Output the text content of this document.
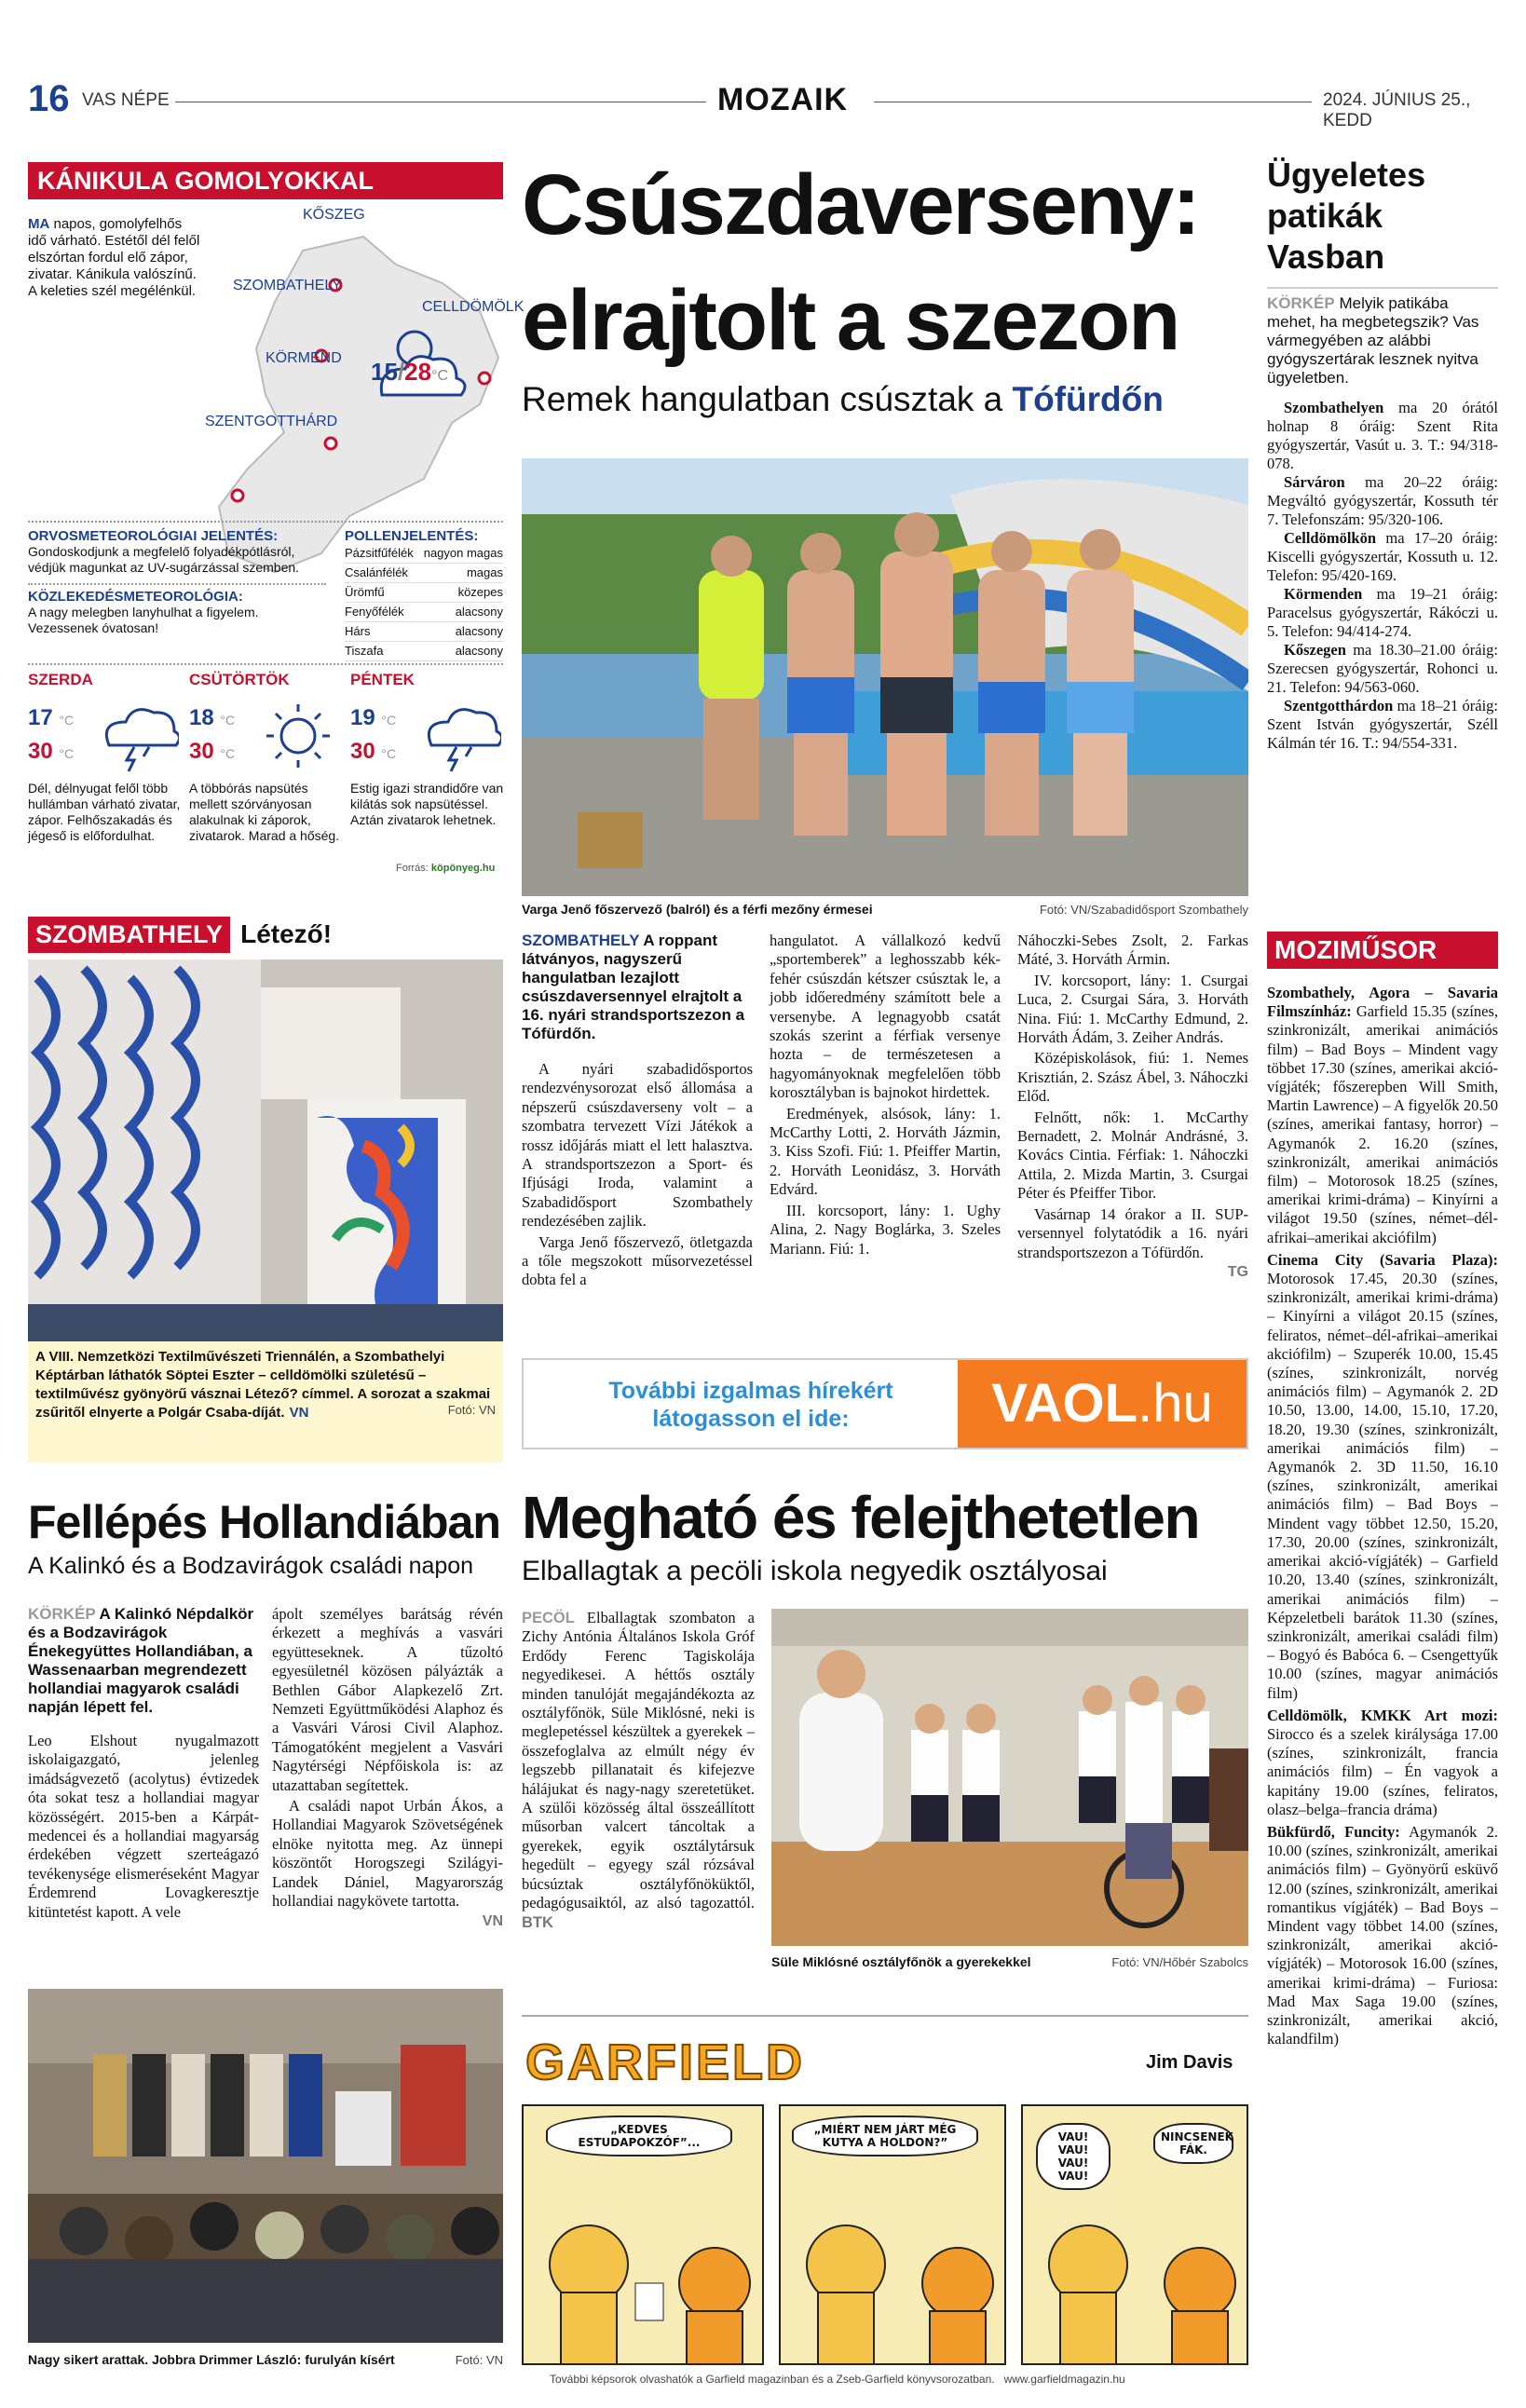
16 VAS NÉPE	MOZAIK	2024. JÚNIUS 25., KEDD
KÁNIKULA GOMOLYOKKAL
MA napos, gomolyfelhős idő várható. Estétől dél felől elszórtan fordul elő zápor, zivatar. Kánikula valószínű. A keleties szél megélénkül.
KŐSZEG
SZOMBATHELY
CELLDÖMÖLK
KÖRMEND
SZENTGOTTHÁRD
15/28°C
ORVOSMETEOROLÓGIAI JELENTÉS:
Gondoskodjunk a megfelelő folyadékpótlásról, védjük magunkat az UV-sugárzással szemben.
KÖZLEKEDÉSMETEOROLÓGIA:
A nagy melegben lanyhulhat a figyelem. Vezessenek óvatosan!
POLLENJELENTÉS:
Pázsitfűfélék nagyon magas
Csalánfélék	magas
Ürömfű	közepes
Fenyőfélék	alacsony
Hárs	alacsony
Tiszafa	alacsony
SZERDA
17 °C
30 °C
Dél, délnyugat felől több hullámban várható zivatar, zápor. Felhőszakadás és jégeső is előfordulhat.
CSÜTÖRTÖK
18 °C
30 °C
A többórás napsütés mellett szórványosan alakulnak ki záporok, zivatarok. Marad a hőség.
PÉNTEK
19 °C
30 °C
Estig igazi strandidőre van kilátás sok napsütéssel. Aztán zivatarok lehetnek.
Forrás: köpönyeg.hu
SZOMBATHELY Létező!
A VIII. Nemzetközi Textilművészeti Triennálén, a Szombathelyi Képtárban láthatók Söptei Eszter – celldömölki születésű – textilművész gyönyörű vásznai Létező? címmel. A sorozat a szakmai zsűritől elnyerte a Polgár Csaba-díját. VN	Fotó: VN
Csúszdaverseny:
elrajtolt a szezon
Remek hangulatban csúsztak a Tófürdőn
Varga Jenő főszervező (balról) és a férfi mezőny érmesei	Fotó: VN/Szabadidősport Szombathely
SZOMBATHELY A roppant látványos, nagyszerű hangulatban lezajlott csúszdaversennyel elrajtolt a 16. nyári strandsportszezon a Tófürdőn.

A nyári szabadidősportos rendezvénysorozat első állomása a népszerű csúszdaverseny volt – a szombatra tervezett Vízi Játékok a rossz időjárás miatt el lett halasztva. A strandsportszezon a Sport- és Ifjúsági Iroda, valamint a Szabadidősport Szombathely rendezésében zajlik.

Varga Jenő főszervező, ötletgazda a tőle megszokott műsorvezetéssel dobta fel a

hangulatot. A vállalkozó kedvű „sportemberek” a leghosszabb kék-fehér csúszdán kétszer csúsztak le, a jobb időeredmény számított bele a versenybe. A legnagyobb csatát szokás szerint a férfiak versenye hozta – de természetesen a hagyományoknak megfelelően több korosztályban is bajnokot hirdettek.

Eredmények, alsósok, lány: 1. McCarthy Lotti, 2. Horváth Jázmin, 3. Kiss Szofi. Fiú: 1. Pfeiffer Martin, 2. Horváth Leonidász, 3. Horváth Edvárd.

III. korcsoport, lány: 1. Ughy Alina, 2. Nagy Boglárka, 3. Szeles Mariann. Fiú: 1.

Náhoczki-Sebes Zsolt, 2. Farkas Máté, 3. Horváth Ármin.

IV. korcsoport, lány: 1. Csurgai Luca, 2. Csurgai Sára, 3. Horváth Nina. Fiú: 1. McCarthy Edmund, 2. Horváth Ádám, 3. Zeiher András.

Középiskolások, fiú: 1. Nemes Krisztián, 2. Szász Ábel, 3. Náhoczki Előd.

Felnőtt, nők: 1. McCarthy Bernadett, 2. Molnár Andrásné, 3. Kovács Cintia. Férfiak: 1. Náhoczki Attila, 2. Mizda Martin, 3. Csurgai Péter és Pfeiffer Tibor.

Vasárnap 14 órakor a II. SUP-versennyel folytatódik a 16. nyári strandsportszezon a Tófürdőn.

TG
További izgalmas hírekért
látogasson el ide:	VAOL.hu
Ügyeletes
patikák
Vasban
KÖRKÉP Melyik patikába mehet, ha megbetegszik? Vas vármegyében az alábbi gyógyszertárak lesznek nyitva ügyeletben.

Szombathelyen ma 20 órától holnap 8 óráig: Szent Rita gyógyszertár, Vasút u. 3. T.: 94/318-078.

Sárváron ma 20–22 óráig: Megváltó gyógyszertár, Kossuth tér 7. Telefonszám: 95/320-106.

Celldömölkön ma 17–20 óráig: Kiscelli gyógyszertár, Kossuth u. 12. Telefon: 95/420-169.

Körmenden ma 19–21 óráig: Paracelsus gyógyszertár, Rákóczi u. 5. Telefon: 94/414-274.

Kőszegen ma 18.30–21.00 óráig: Szerecsen gyógyszertár, Rohonci u. 21. Telefon: 94/563-060.

Szentgotthárdon ma 18–21 óráig: Szent István gyógyszertár, Széll Kálmán tér 16. T.: 94/554-331.

MOZIMŰSOR

Szombathely, Agora – Savaria Filmszínház: Garfield 15.35 (színes, szinkronizált, amerikai animációs film) – Bad Boys – Mindent vagy többet 17.30 (színes, amerikai akció-vígjáték; főszerepben Will Smith, Martin Lawrence) – A figyelők 20.50 (színes, amerikai fantasy, horror) – Agymanók 2. 16.20 (színes, szinkronizált, amerikai animációs film) – Motorosok 18.25 (színes, amerikai krimi-dráma) – Kinyírni a világot 19.50 (színes, német–dél-afrikai–amerikai akciófilm)

Cinema City (Savaria Plaza): Motorosok 17.45, 20.30 (színes, szinkronizált, amerikai krimi-dráma) – Kinyírni a világot 20.15 (színes, feliratos, német–dél-afrikai–amerikai akciófilm) – Szuperék 10.00, 15.45 (színes, szinkronizált, norvég animációs film) – Agymanók 2. 2D 10.50, 13.00, 14.00, 15.10, 17.20, 18.20, 19.30 (színes, szinkronizált, amerikai animációs film) – Agymanók 2. 3D 11.50, 16.10 (színes, szinkronizált, amerikai animációs film) – Bad Boys – Mindent vagy többet 12.50, 15.20, 17.30, 20.00 (színes, szinkronizált, amerikai akció-vígjáték) – Garfield 10.20, 13.40 (színes, szinkronizált, amerikai animációs film) – Képzeletbeli barátok 11.30 (színes, szinkronizált, amerikai családi film) – Bogyó és Babóca 6. – Csengettyűk 10.00 (színes, magyar animációs film)

Celldömölk, KMKK Art mozi: Sirocco és a szelek királysága 17.00 (színes, szinkronizált, francia animációs film) – Én vagyok a kapitány 19.00 (színes, feliratos, olasz–belga–francia dráma)

Bükfürdő, Funcity: Agymanók 2. 10.00 (színes, szinkronizált, amerikai animációs film) – Gyönyörű esküvő 12.00 (színes, szinkronizált, amerikai romantikus vígjáték) – Bad Boys – Mindent vagy többet 14.00 (színes, szinkronizált, amerikai akció-vígjáték) – Motorosok 16.00 (színes, amerikai krimi-dráma) – Furiosa: Mad Max Saga 19.00 (színes, szinkronizált, amerikai akció, kalandfilm)

Fellépés Hollandiában
A Kalinkó és a Bodzavirágok családi napon
KÖRKÉP A Kalinkó Népdalkör és a Bodzavirágok Énekegyüttes Hollandiában, a Wassenaarban megrendezett hollandiai magyarok családi napján lépett fel.

Leo Elshout nyugalmazott iskolaigazgató, jelenleg imádságvezető (acolytus) évtizedek óta sokat tesz a hollandiai magyar közösségért. 2015-ben a Kárpát-medencei és a hollandiai magyarság érdekében végzett szerteágazó tevékenysége elismeréseként Magyar Érdemrend Lovagkeresztje kitüntetést kapott. A vele

ápolt személyes barátság révén érkezett a meghívás a vasvári együtteseknek. A tűzoltó egyesületnél közösen pályázták a Bethlen Gábor Alapkezelő Zrt. Nemzeti Együttműködési Alaphoz és a Vasvári Városi Civil Alaphoz. Támogatóként megjelent a Vasvári Nagytérségi Népfőiskola is: az utazattaban segítettek.

A családi napot Urbán Ákos, a Hollandiai Magyarok Szövetségének elnöke nyitotta meg. Az ünnepi köszöntőt Horogszegi Szilágyi-Landek Dániel, Magyarország hollandiai nagykövete tartotta.

VN
Nagy sikert arattak. Jobbra Drimmer László: furulyán kísért	Fotó: VN
Megható és felejthetetlen
Elballagtak a pecöli iskola negyedik osztályosai

PECÖL Elballagtak szombaton a Zichy Antónia Általános Iskola Gróf Erdődy Ferenc Tagiskolája negyedikesei. A héttős osztály minden tanulóját megajándékozta az osztályfőnök, Süle Miklósné, neki is meglepetéssel készültek a gyerekek – összefoglalva az elmúlt négy év legszebb pillanatait és kifejezve hálájukat és nagy-nagy szeretetüket. A szülői közösség által összeállított műsorban valcert táncoltak a gyerekek, egyik osztálytársuk hegedült – egyegy szál rózsával búcsúztak osztályfőnöküktől, pedagógusaiktól, az alsó tagozattól. BTK

Süle Miklósné osztályfőnök a gyerekekkel	Fotó: VN/Hőbér Szabolcs
GARFIELD	Jim Davis
„KEDVES ESTUDAPOKZÓF”...
„MIÉRT NEM JÁRT MÉG KUTYA A HOLDON?”	VAU! VAU! VAU! VAU!
NINCSENEK FÁK.
További képsorok olvashatók a Garfield magazinban és a Zseb-Garfield könyvsorozatban.   www.garfieldmagazin.hu
